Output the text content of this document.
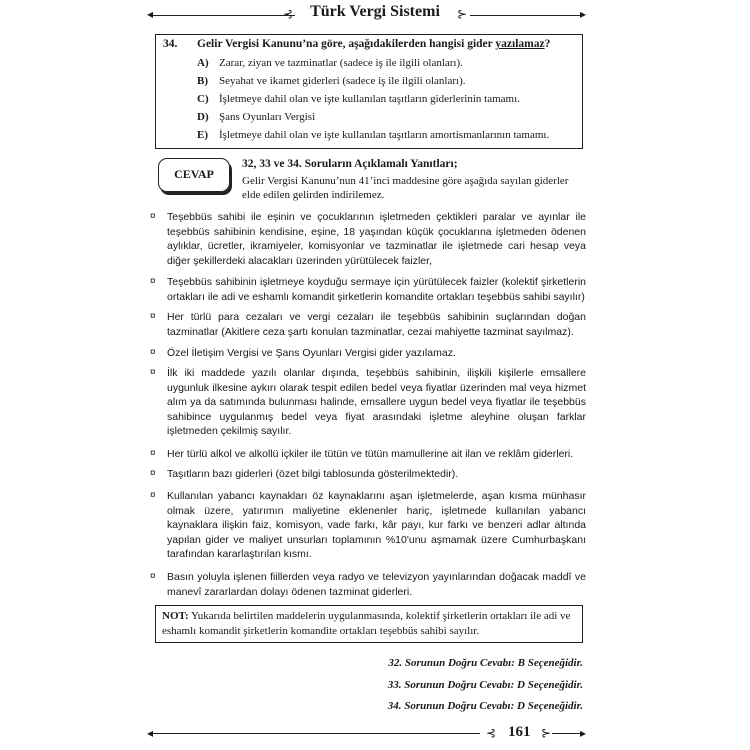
◂	⊰	Türk Vergi Sistemi	⊱	▸
34. Gelir Vergisi Kanunu’na göre, aşağıdakilerden hangisi gider yazılamaz?
A) Zarar, ziyan ve tazminatlar (sadece iş ile ilgili olanları).
B) Seyahat ve ikamet giderleri (sadece iş ile ilgili olanları).
C) İşletmeye dahil olan ve işte kullanılan taşıtların giderlerinin tamamı.
D) Şans Oyunları Vergisi
E) İşletmeye dahil olan ve işte kullanılan taşıtların amortismanlarının tamamı.
CEVAP
32, 33 ve 34. Soruların Açıklamalı Yanıtları;
Gelir Vergisi Kanunu’nun 41’inci maddesine göre aşağıda sayılan giderler elde edilen gelirden indirilemez.
¤	Teşebbüs sahibi ile eşinin ve çocuklarının işletmeden çektikleri paralar ve ayınlar ile teşebbüs sahibinin kendisine, eşine, 18 yaşından küçük çocuklarına işletmeden ödenen aylıklar, ücretler, ikramiyeler, komisyonlar ve tazminatlar ile işletmede cari hesap veya diğer şekillerdeki alacakları üzerinden yürütülecek faizler,
¤	Teşebbüs sahibinin işletmeye koyduğu sermaye için yürütülecek faizler (kolektif şirketlerin ortakları ile adi ve eshamlı komandit şirketlerin komandite ortakları teşebbüs sahibi sayılır)
¤	Her türlü para cezaları ve vergi cezaları ile teşebbüs sahibinin suçlarından doğan tazminatlar (Akitlere ceza şartı konulan tazminatlar, cezai mahiyette tazminat sayılmaz).
¤	Özel İletişim Vergisi ve Şans Oyunları Vergisi gider yazılamaz.
¤	İlk iki maddede yazılı olanlar dışında, teşebbüs sahibinin, ilişkili kişilerle emsallere uygunluk ilkesine aykırı olarak tespit edilen bedel veya fiyatlar üzerinden mal veya hizmet alım ya da satımında bulunması halinde, emsallere uygun bedel veya fiyatlar ile teşebbüs sahibince uygulanmış bedel veya fiyat arasındaki işletme aleyhine oluşan farklar işletmeden çekilmiş sayılır.
¤	Her türlü alkol ve alkollü içkiler ile tütün ve tütün mamullerine ait ilan ve reklâm giderleri.
¤	Taşıtların bazı giderleri (özet bilgi tablosunda gösterilmektedir).
¤	Kullanılan yabancı kaynakları öz kaynaklarını aşan işletmelerde, aşan kısma münhasır olmak üzere, yatırımın maliyetine eklenenler hariç, işletmede kullanılan yabancı kaynaklara ilişkin faiz, komisyon, vade farkı, kâr payı, kur farkı ve benzeri adlar altında yapılan gider ve maliyet unsurları toplamının %10'unu aşmamak üzere Cumhurbaşkanı tarafından kararlaştırılan kısmı.
¤	Basın yoluyla işlenen fiillerden veya radyo ve televizyon yayınlarından doğacak maddî ve manevî zararlardan dolayı ödenen tazminat giderleri.
NOT: Yukarıda belirtilen maddelerin uygulanmasında, kolektif şirketlerin ortakları ile adi ve eshamlı komandit şirketlerin komandite ortakları teşebbüs sahibi sayılır.
32. Sorunun Doğru Cevabı: B Seçeneğidir.
33. Sorunun Doğru Cevabı: D Seçeneğidir.
34. Sorunun Doğru Cevabı: D Seçeneğidir.
◂	⊰ 161 ⊱ ▸
